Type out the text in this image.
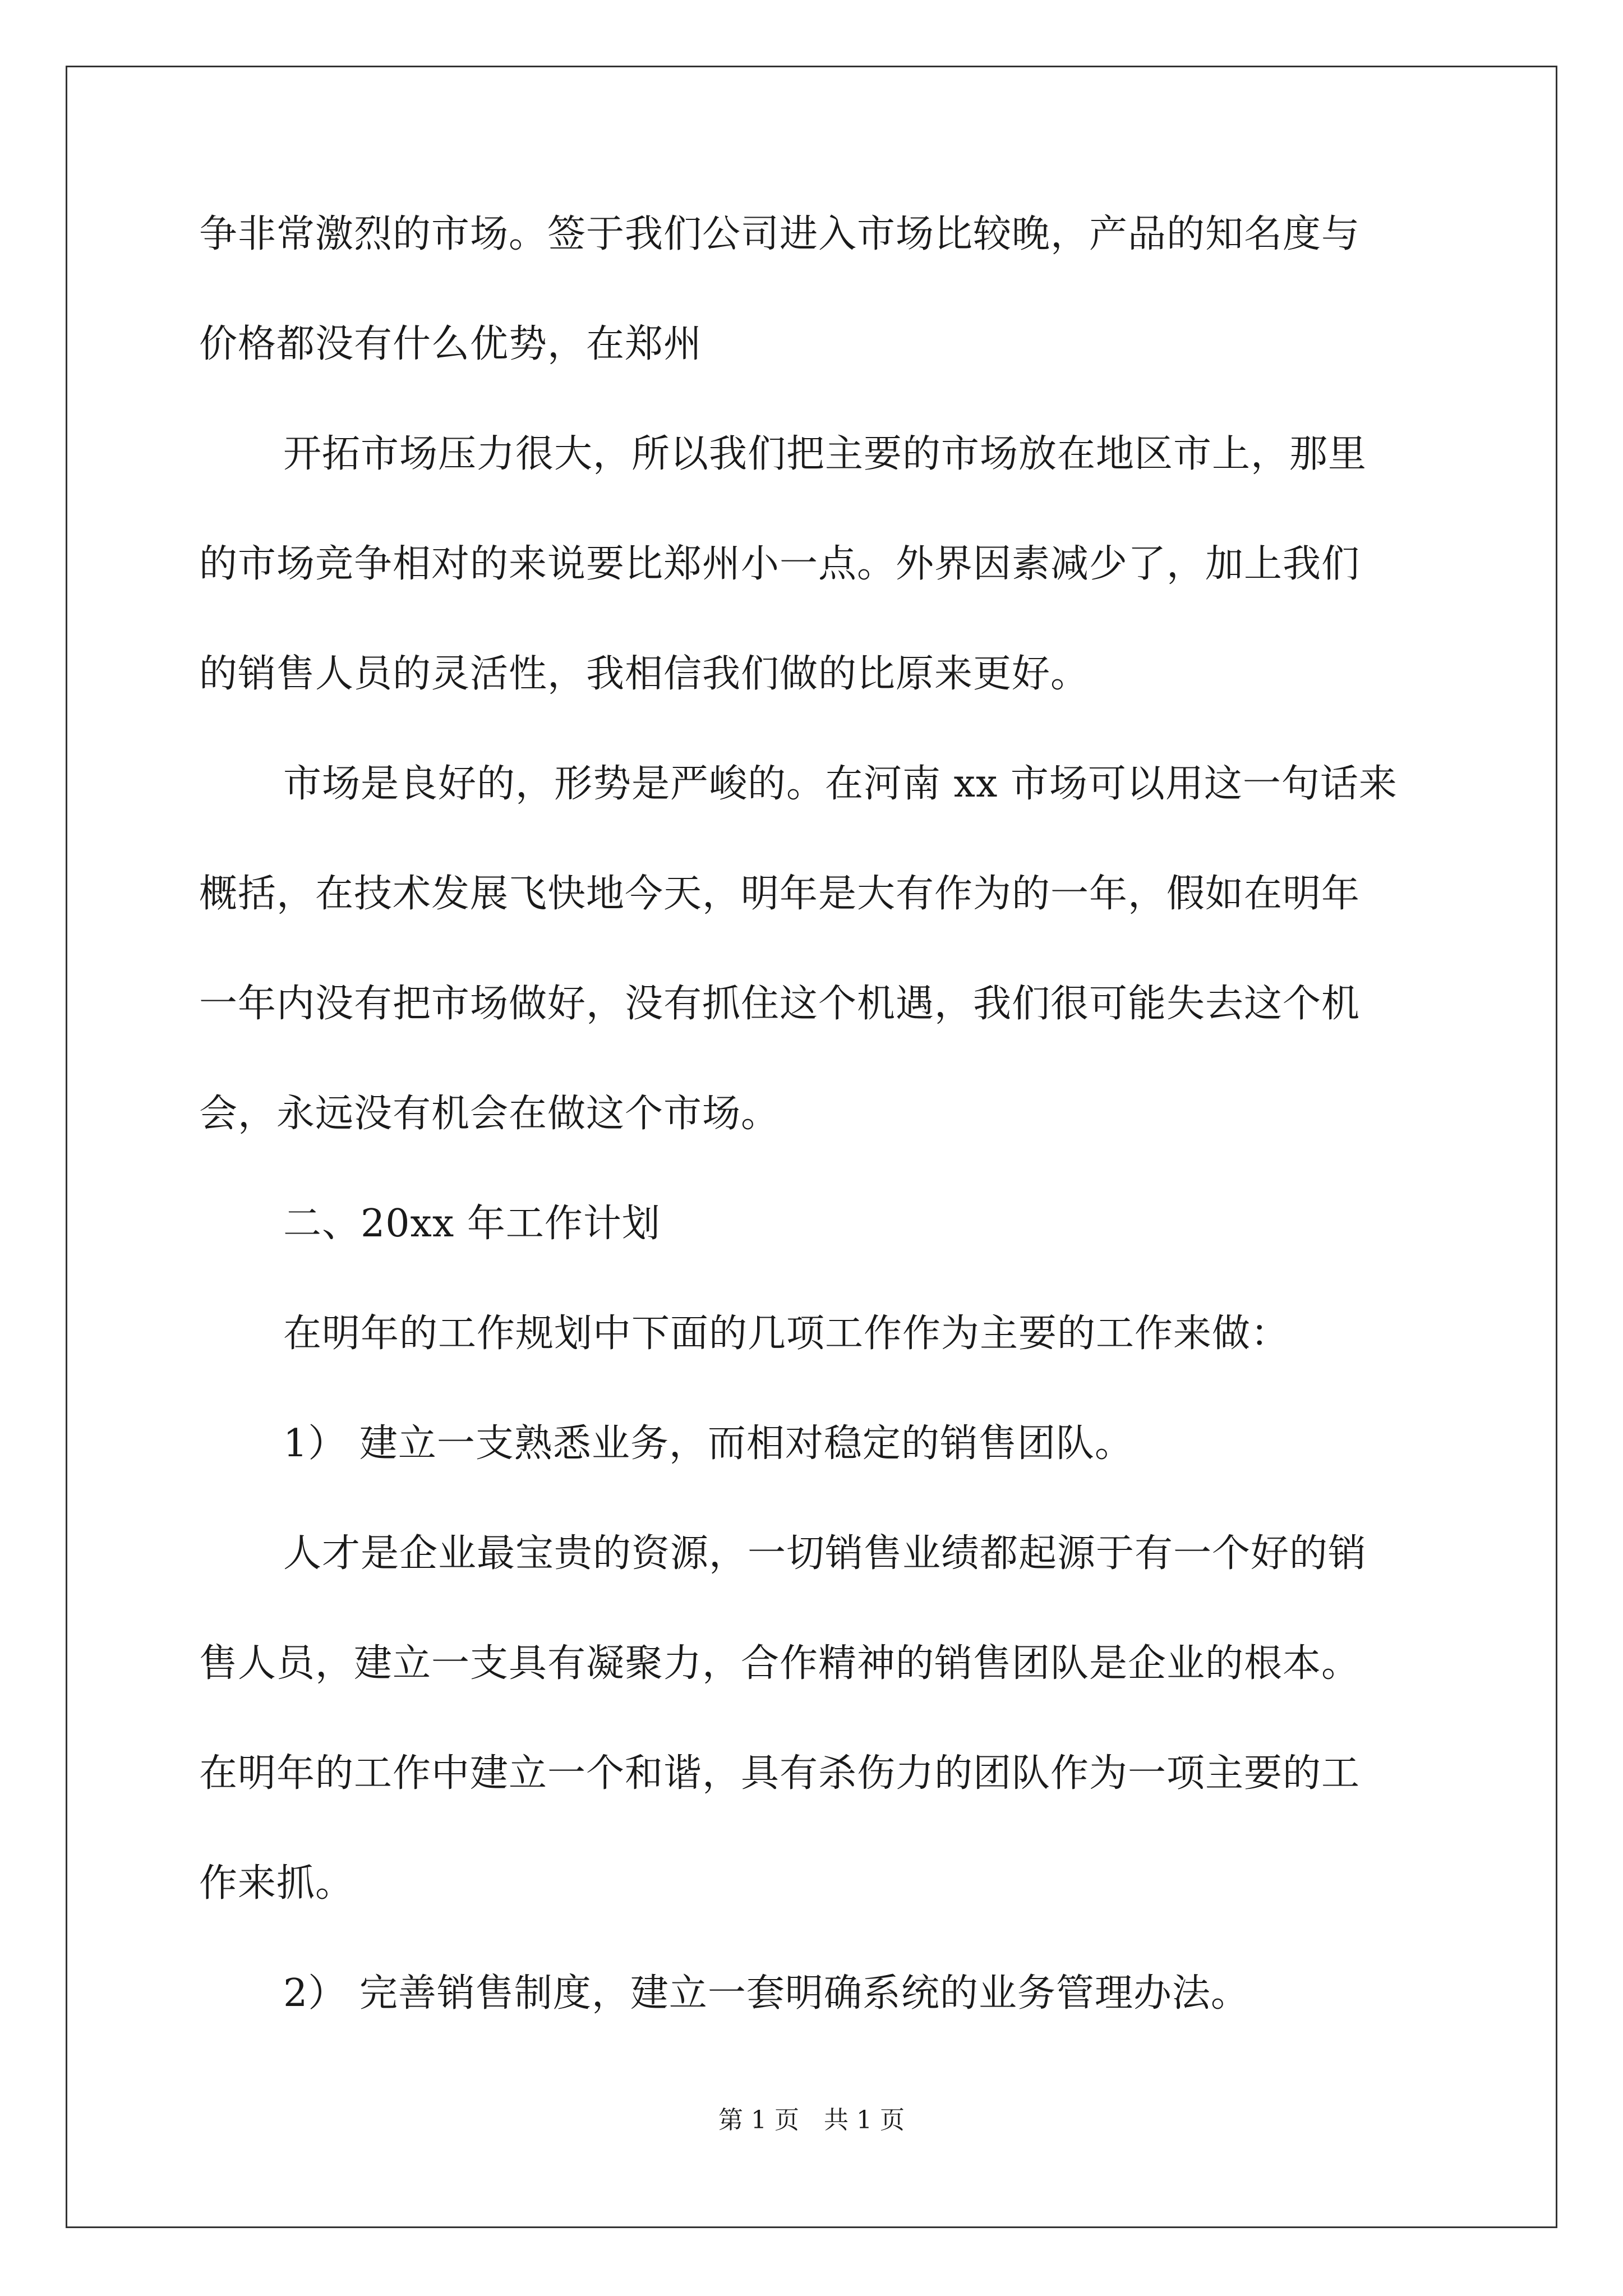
争非常激烈的市场。签于我们公司进入市场比较晚，产品的知名度与
价格都没有什么优势，在郑州
开拓市场压力很大，所以我们把主要的市场放在地区市上，那里
的市场竞争相对的来说要比郑州小一点。外界因素减少了，加上我们
的销售人员的灵活性，我相信我们做的比原来更好。
市场是良好的，形势是严峻的。在河南 xx 市场可以用这一句话来
概括，在技术发展飞快地今天，明年是大有作为的一年，假如在明年
一年内没有把市场做好，没有抓住这个机遇，我们很可能失去这个机
会，永远没有机会在做这个市场。
二、20xx 年工作计划
在明年的工作规划中下面的几项工作作为主要的工作来做：
1） 建立一支熟悉业务，而相对稳定的销售团队。
人才是企业最宝贵的资源，一切销售业绩都起源于有一个好的销
售人员，建立一支具有凝聚力，合作精神的销售团队是企业的根本。
在明年的工作中建立一个和谐，具有杀伤力的团队作为一项主要的工
作来抓。
2） 完善销售制度，建立一套明确系统的业务管理办法。
第 1 页　共 1 页
